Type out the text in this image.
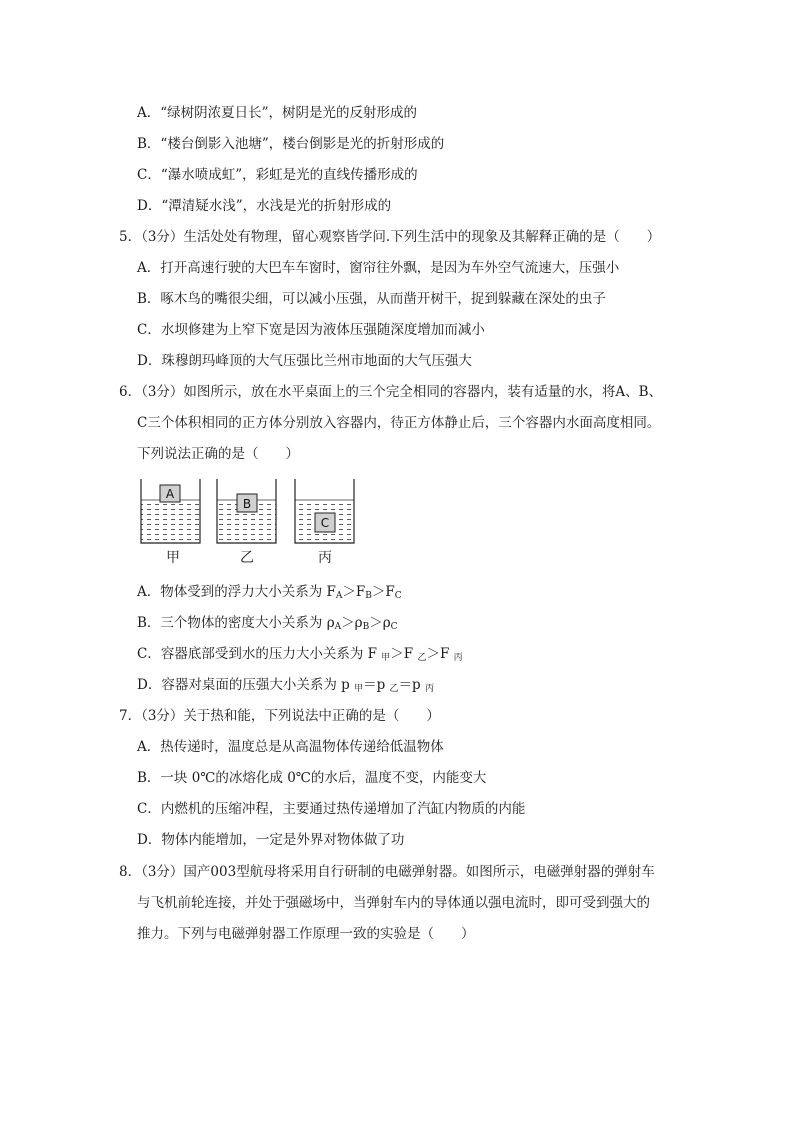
A．“绿树阴浓夏日长”，树阴是光的反射形成的
B．“楼台倒影入池塘”，楼台倒影是光的折射形成的
C．“瀑水喷成虹”，彩虹是光的直线传播形成的
D．“潭清疑水浅”，水浅是光的折射形成的
5．（3分）生活处处有物理，留心观察皆学问.下列生活中的现象及其解释正确的是（　　）
A．打开高速行驶的大巴车车窗时，窗帘往外飘，是因为车外空气流速大，压强小
B．啄木鸟的嘴很尖细，可以减小压强，从而凿开树干，捉到躲藏在深处的虫子
C．水坝修建为上窄下宽是因为液体压强随深度增加而减小
D．珠穆朗玛峰顶的大气压强比兰州市地面的大气压强大
6．（3分）如图所示，放在水平桌面上的三个完全相同的容器内，装有适量的水，将A、B、
C三个体积相同的正方体分别放入容器内，待正方体静止后，三个容器内水面高度相同。
下列说法正确的是（　　）
A
B
C
甲	乙	丙
A．物体受到的浮力大小关系为 $F_A>F_B>F_C$
B．三个物体的密度大小关系为 $\rho_A>\rho_B>\rho_C$
C．容器底部受到水的压力大小关系为 F $_甲$＞F $_乙$＞F $_丙$
D．容器对桌面的压强大小关系为 p $_甲$＝p $_乙$＝p $_丙$
7．（3分）关于热和能，下列说法中正确的是（　　）
A．热传递时，温度总是从高温物体传递给低温物体
B．一块 0℃的冰熔化成 0℃的水后，温度不变，内能变大
C．内燃机的压缩冲程，主要通过热传递增加了汽缸内物质的内能
D．物体内能增加，一定是外界对物体做了功
8．（3分）国产003型航母将采用自行研制的电磁弹射器。如图所示，电磁弹射器的弹射车
与飞机前轮连接，并处于强磁场中，当弹射车内的导体通以强电流时，即可受到强大的
推力。下列与电磁弹射器工作原理一致的实验是（　　）
